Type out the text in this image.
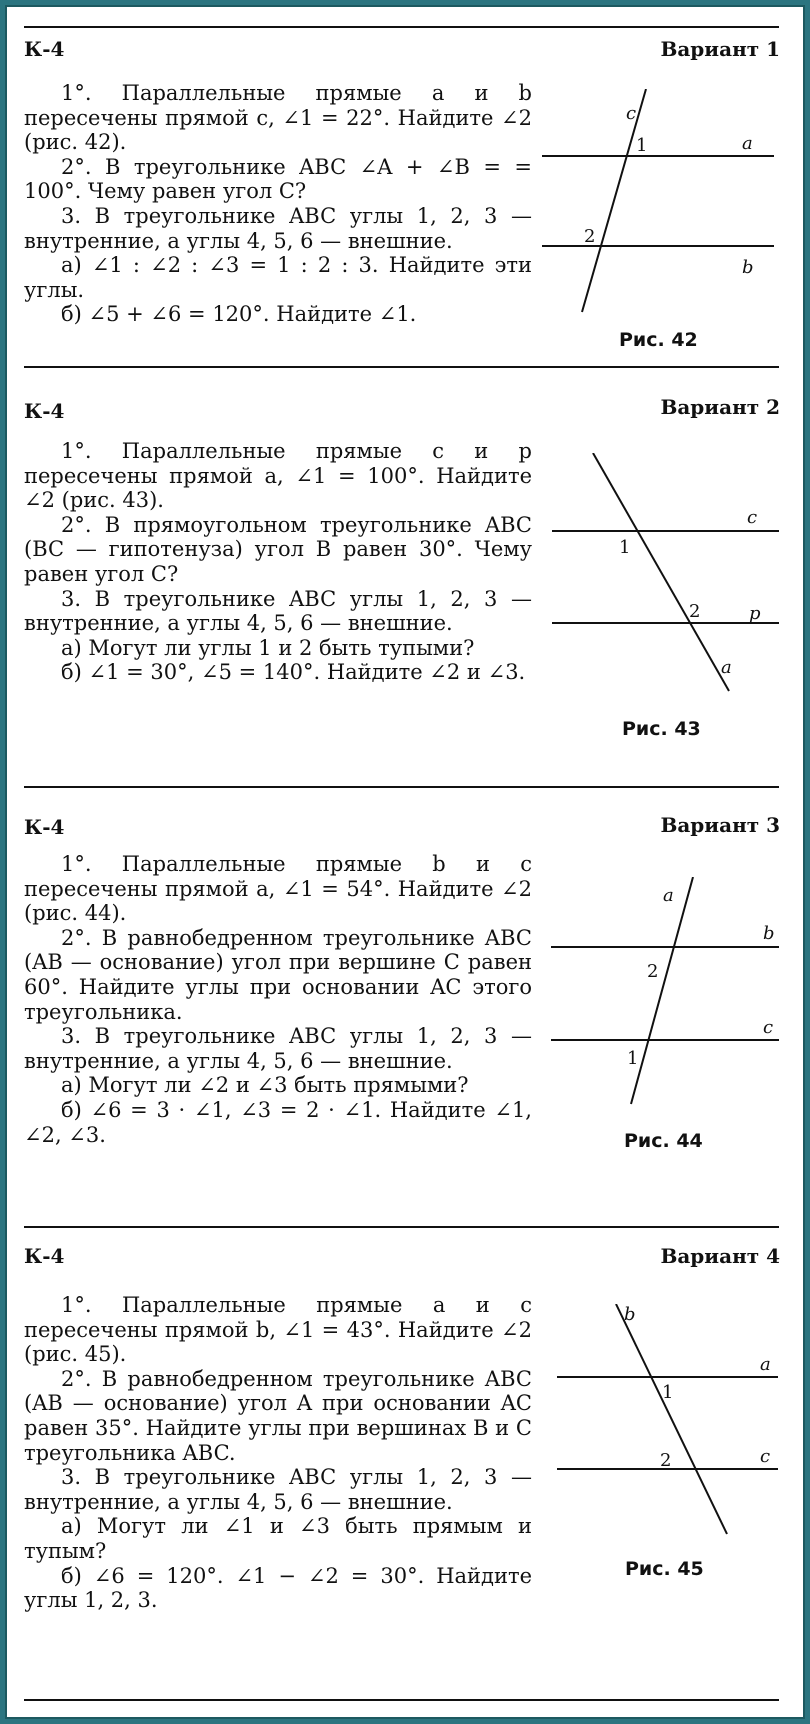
К-4	Вариант 1

1°. Параллельные прямые a и b пересечены прямой c, ∠1 = 22°. Найдите ∠2 (рис. 42).

2°. В треугольнике ABC ∠A + ∠B = = 100°. Чему равен угол C?

3. В треугольнике ABC углы 1, 2, 3 — внутренние, а углы 4, 5, 6 — внешние.

а) ∠1 : ∠2 : ∠3 = 1 : 2 : 3. Найдите эти углы.

б) ∠5 + ∠6 = 120°. Найдите ∠1.

c
a
b
1
2
Рис. 42
К-4	Вариант 2

1°. Параллельные прямые c и p пересечены прямой a, ∠1 = 100°. Найдите ∠2 (рис. 43).

2°. В прямоугольном треугольнике ABC (BC — гипотенуза) угол B равен 30°. Чему равен угол C?

3. В треугольнике ABC углы 1, 2, 3 — внутренние, а углы 4, 5, 6 — внешние.

а) Могут ли углы 1 и 2 быть тупыми?

б) ∠1 = 30°, ∠5 = 140°. Найдите ∠2 и ∠3.

c
p
a
1
2
Рис. 43
К-4	Вариант 3

1°. Параллельные прямые b и c пересечены прямой a, ∠1 = 54°. Найдите ∠2 (рис. 44).

2°. В равнобедренном треугольнике ABC (AB — основание) угол при вершине C равен 60°. Найдите углы при основании AC этого треугольника.

3. В треугольнике ABC углы 1, 2, 3 — внутренние, а углы 4, 5, 6 — внешние.

а) Могут ли ∠2 и ∠3 быть прямыми?

б) ∠6 = 3 · ∠1, ∠3 = 2 · ∠1. Найдите ∠1, ∠2, ∠3.

a
b
c
2
1
Рис. 44
К-4	Вариант 4

1°. Параллельные прямые a и c пересечены прямой b, ∠1 = 43°. Найдите ∠2 (рис. 45).

2°. В равнобедренном треугольнике ABC (AB — основание) угол A при основании AC равен 35°. Найдите углы при вершинах B и C треугольника ABC.

3. В треугольнике ABC углы 1, 2, 3 — внутренние, а углы 4, 5, 6 — внешние.

а) Могут ли ∠1 и ∠3 быть прямым и тупым?

б) ∠6 = 120°. ∠1 − ∠2 = 30°. Найдите углы 1, 2, 3.

b
a
c
1
2
Рис. 45
